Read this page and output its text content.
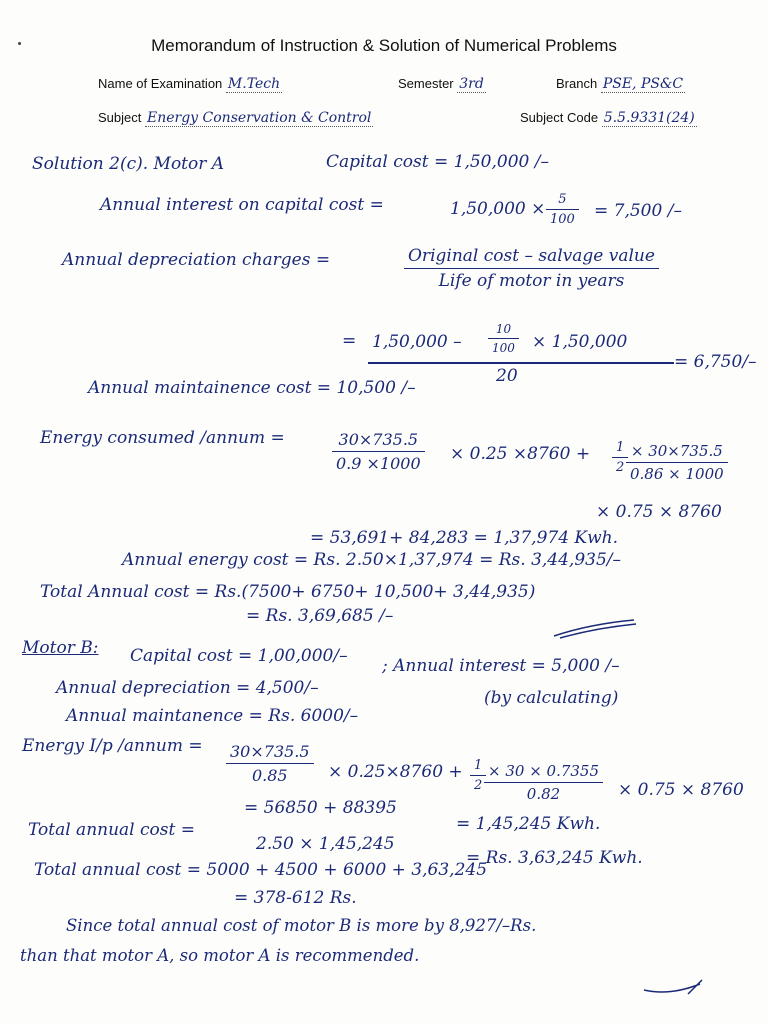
Memorandum of Instruction & Solution of Numerical Problems
Name of Examination M.Tech	Semester 3rd	Branch PSE, PS&C
Subject Energy Conservation & Control	Subject Code 5.5.9331(24)
Solution 2(c). Motor A	Capital cost = 1,50,000 /–
Annual interest on capital cost =	$1,50,000 \times \frac{5}{100} = 7,500$ /–
Annual depreciation charges =	Original cost – salvage value
Life of motor in years
= $1,50,000 - \frac{10}{100} \times 1,50,000$
20
= 6,750/–
Annual maintainence cost = 10,500 /–
Energy consumed /annum =	$\frac{30\times 735.5}{0.9 \times 1000} \times 0.25 \times 8760 + \frac{1}{2}$
$\frac{\times 30\times 735.5}{0.86 \times 1000}$
× 0.75 × 8760
= 53,691+ 84,283 = 1,37,974 Kwh.
Annual energy cost = Rs. 2.50×1,37,974 = Rs. 3,44,935/–
Total Annual cost = Rs.(7500+ 6750+ 10,500+ 3,44,935)
= Rs. 3,69,685 /–
Motor B: Capital cost = 1,00,000/– ; Annual interest = 5,000 /–
Annual depreciation = 4,500/–	(by calculating)
Annual maintanence = Rs. 6000/–
Energy I/p /annum = $\frac{30\times 735.5}{0.85} \times 0.25\times 8760 + \frac{1}{2}$
$\frac{\times 30 \times 0.7355}{0.82} \times 0.75 \times 8760$
= 56850 + 88395
= 1,45,245 Kwh.
Total annual cost =
2.50 × 1,45,245
= Rs. 3,63,245 Kwh.
Total annual cost = 5000 + 4500 + 6000 + 3,63,245
= 378-612 Rs.
Since total annual cost of motor B is more by 8,927/–Rs.
than that motor A, so motor A is recommended.
